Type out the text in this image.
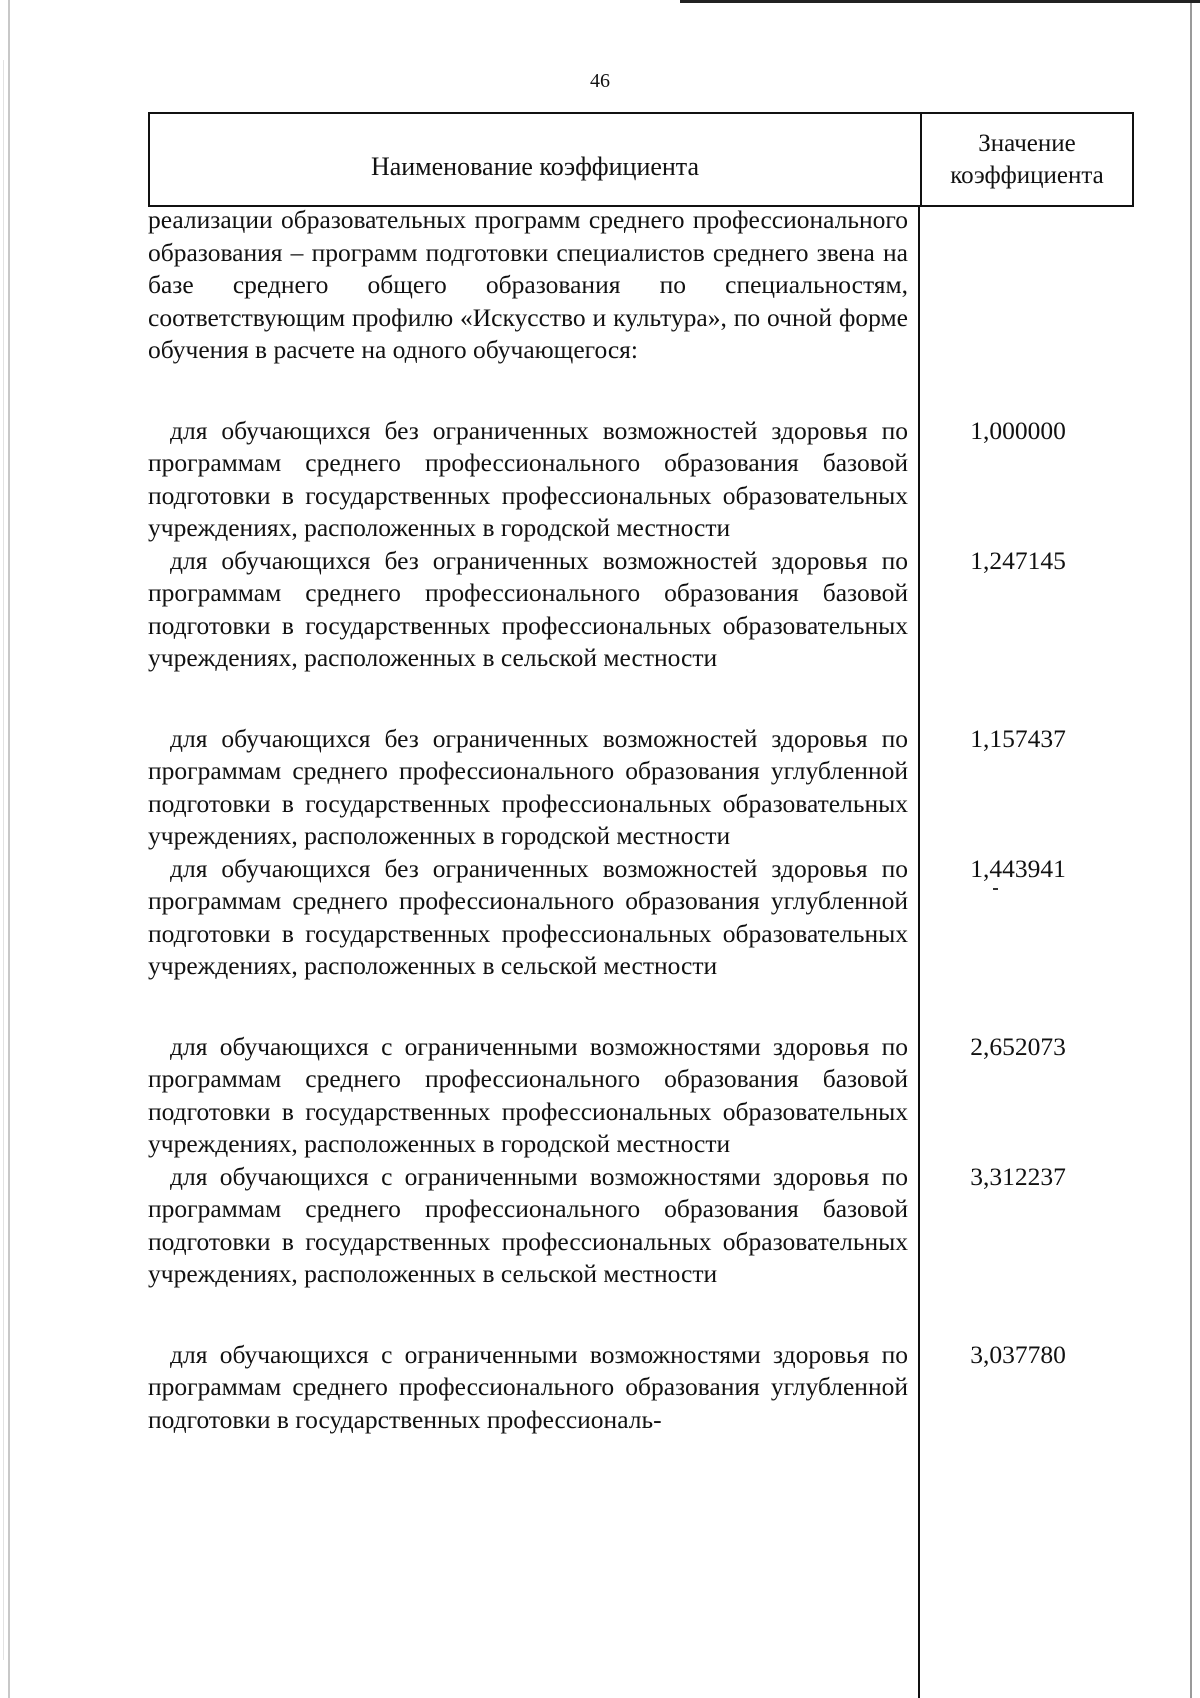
46
Наименование коэффициента
Значение коэффициента

реализации образовательных программ среднего профессионального образования – программ подготовки специалистов среднего звена на базе среднего общего образования по специальностям, соответствующим профилю «Искусство и культура», по очной форме обучения в расчете на одного обучающегося:

для обучающихся без ограниченных возможностей здоровья по программам среднего профессионального образования базовой подготовки в государственных профессиональных образовательных учреждениях, расположенных в городской местности
1,000000
для обучающихся без ограниченных возможностей здоровья по программам среднего профессионального образования базовой подготовки в государственных профессиональных образовательных учреждениях, расположенных в сельской местности
1,247145
для обучающихся без ограниченных возможностей здоровья по программам среднего профессионального образования углубленной подготовки в государственных профессиональных образовательных учреждениях, расположенных в городской местности
1,157437
для обучающихся без ограниченных возможностей здоровья по программам среднего профессионального образования углубленной подготовки в государственных профессиональных образовательных учреждениях, расположенных в сельской местности
1,443941
для обучающихся с ограниченными возможностями здоровья по программам среднего профессионального образования базовой подготовки в государственных профессиональных образовательных учреждениях, расположенных в городской местности
2,652073
для обучающихся с ограниченными возможностями здоровья по программам среднего профессионального образования базовой подготовки в государственных профессиональных образовательных учреждениях, расположенных в сельской местности
3,312237
для обучающихся с ограниченными возможностями здоровья по программам среднего профессионального образования углубленной подготовки в государственных профессиональ-
3,037780
